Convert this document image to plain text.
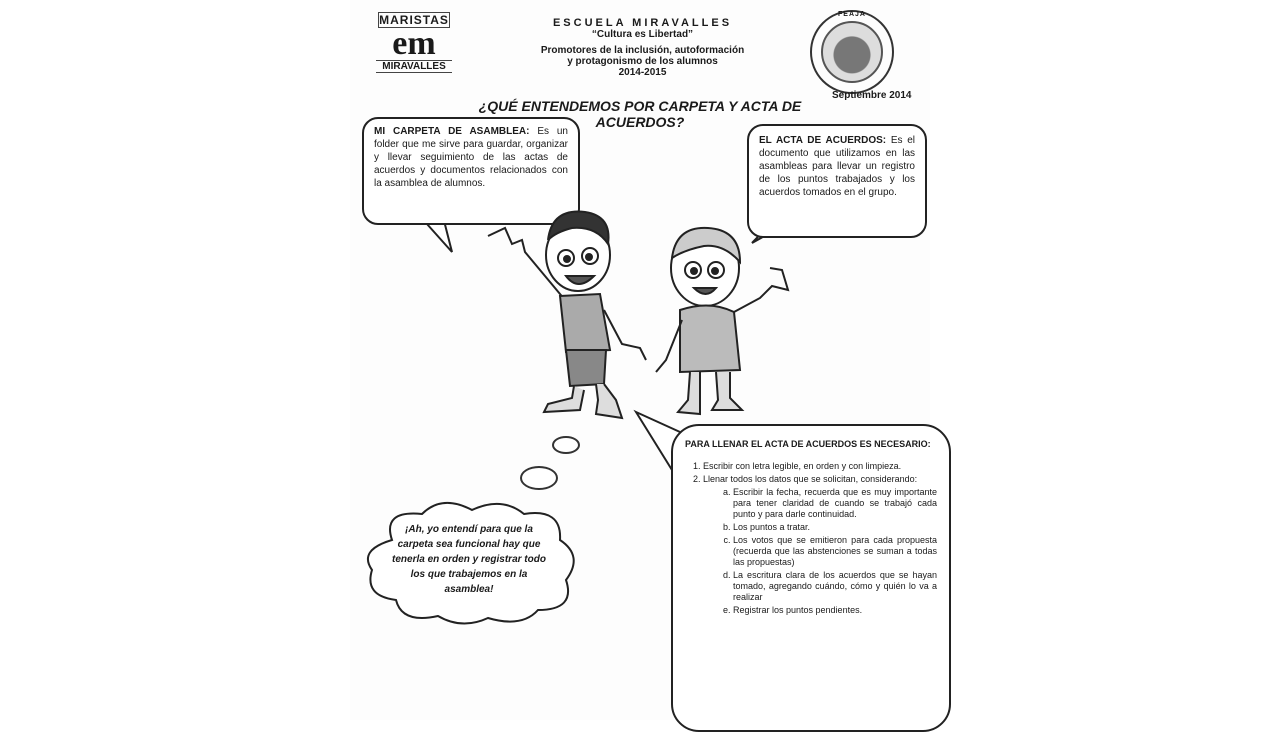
MARISTAS
em
MIRAVALLES
ESCUELA MIRAVALLES
“Cultura es Libertad”
Promotores de la inclusión, autoformación
y protagonismo de los alumnos
2014-2015
FEAJA
Septiembre 2014
¿QUÉ ENTENDEMOS POR CARPETA Y ACTA DE ACUERDOS?
MI CARPETA DE ASAMBLEA: Es un folder que me sirve para guardar, organizar y llevar seguimiento de las actas de acuerdos y documentos relacionados con la asamblea de alumnos.
EL ACTA DE ACUERDOS: Es el documento que utilizamos en las asambleas para llevar un registro de los puntos trabajados y los acuerdos tomados en el grupo.
¡Ah, yo entendí para que la carpeta sea funcional hay que tenerla en orden y registrar todo los que trabajemos en la asamblea!
PARA LLENAR EL ACTA DE ACUERDOS ES NECESARIO:
1. Escribir con letra legible, en orden y con limpieza.
2. Llenar todos los datos que se solicitan, considerando:
a. Escribir la fecha, recuerda que es muy importante para tener claridad de cuando se trabajó cada punto y para darle continuidad.
b. Los puntos a tratar.
c. Los votos que se emitieron para cada propuesta (recuerda que las abstenciones se suman a todas las propuestas)
d. La escritura clara de los acuerdos que se hayan tomado, agregando cuándo, cómo y quién lo va a realizar
e. Registrar los puntos pendientes.
